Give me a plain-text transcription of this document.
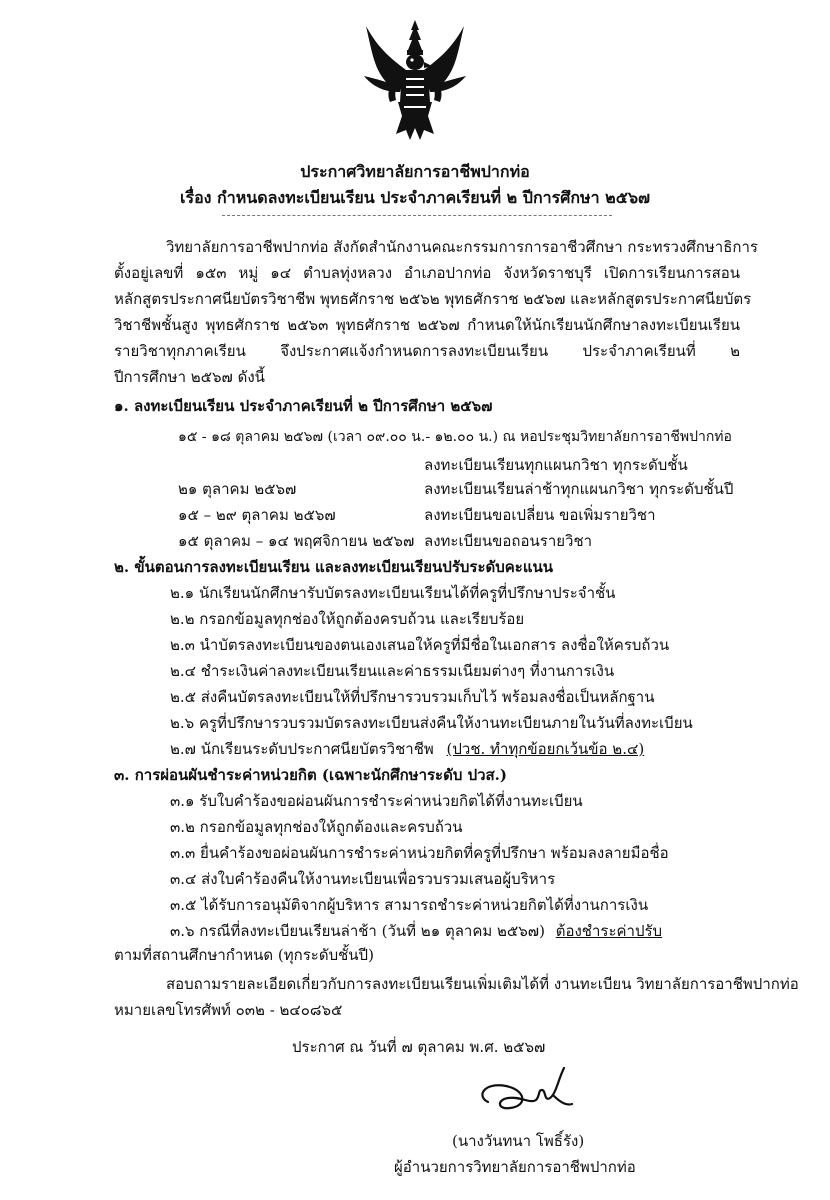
ประกาศวิทยาลัยการอาชีพปากท่อ
เรื่อง กำหนดลงทะเบียนเรียน ประจำภาคเรียนที่ ๒ ปีการศึกษา ๒๕๖๗
วิทยาลัยการอาชีพปากท่อ สังกัดสำนักงานคณะกรรมการการอาชีวศึกษา กระทรวงศึกษาธิการ
ตั้งอยู่เลขที่ ๑๕๓ หมู่ ๑๔ ตำบลทุ่งหลวง อำเภอปากท่อ จังหวัดราชบุรี เปิดการเรียนการสอน
หลักสูตรประกาศนียบัตรวิชาชีพ พุทธศักราช ๒๕๖๒ พุทธศักราช ๒๕๖๗ และหลักสูตรประกาศนียบัตร
วิชาชีพชั้นสูง พุทธศักราช ๒๕๖๓ พุทธศักราช ๒๕๖๗ กำหนดให้นักเรียนนักศึกษาลงทะเบียนเรียน
รายวิชาทุกภาคเรียน จึงประกาศแจ้งกำหนดการลงทะเบียนเรียน ประจำภาคเรียนที่ ๒
ปีการศึกษา ๒๕๖๗ ดังนี้
๑. ลงทะเบียนเรียน ประจำภาคเรียนที่ ๒ ปีการศึกษา ๒๕๖๗
๑๕ - ๑๘ ตุลาคม ๒๕๖๗ (เวลา ๐๙.๐๐ น.- ๑๒.๐๐ น.) ณ หอประชุมวิทยาลัยการอาชีพปากท่อ
ลงทะเบียนเรียนทุกแผนกวิชา ทุกระดับชั้น
๒๑ ตุลาคม ๒๕๖๗	ลงทะเบียนเรียนล่าช้าทุกแผนกวิชา ทุกระดับชั้นปี
๑๕ – ๒๙ ตุลาคม ๒๕๖๗	ลงทะเบียนขอเปลี่ยน ขอเพิ่มรายวิชา
๑๕ ตุลาคม – ๑๔ พฤศจิกายน ๒๕๖๗ ลงทะเบียนขอถอนรายวิชา
๒. ขั้นตอนการลงทะเบียนเรียน และลงทะเบียนเรียนปรับระดับคะแนน
๒.๑ นักเรียนนักศึกษารับบัตรลงทะเบียนเรียนได้ที่ครูที่ปรึกษาประจำชั้น
๒.๒ กรอกข้อมูลทุกช่องให้ถูกต้องครบถ้วน และเรียบร้อย
๒.๓ นำบัตรลงทะเบียนของตนเองเสนอให้ครูที่มีชื่อในเอกสาร ลงชื่อให้ครบถ้วน
๒.๔ ชำระเงินค่าลงทะเบียนเรียนและค่าธรรมเนียมต่างๆ ที่งานการเงิน
๒.๕ ส่งคืนบัตรลงทะเบียนให้ที่ปรึกษารวบรวมเก็บไว้ พร้อมลงชื่อเป็นหลักฐาน
๒.๖ ครูที่ปรึกษารวบรวมบัตรลงทะเบียนส่งคืนให้งานทะเบียนภายในวันที่ลงทะเบียน
๒.๗ นักเรียนระดับประกาศนียบัตรวิชาชีพ (ปวช. ทำทุกข้อยกเว้นข้อ ๒.๔)
๓. การผ่อนผันชำระค่าหน่วยกิต (เฉพาะนักศึกษาระดับ ปวส.)
๓.๑ รับใบคำร้องขอผ่อนผันการชำระค่าหน่วยกิตได้ที่งานทะเบียน
๓.๒ กรอกข้อมูลทุกช่องให้ถูกต้องและครบถ้วน
๓.๓ ยื่นคำร้องขอผ่อนผันการชำระค่าหน่วยกิตที่ครูที่ปรึกษา พร้อมลงลายมือชื่อ
๓.๔ ส่งใบคำร้องคืนให้งานทะเบียนเพื่อรวบรวมเสนอผู้บริหาร
๓.๕ ได้รับการอนุมัติจากผู้บริหาร สามารถชำระค่าหน่วยกิตได้ที่งานการเงิน
๓.๖ กรณีที่ลงทะเบียนเรียนล่าช้า (วันที่ ๒๑ ตุลาคม ๒๕๖๗) ต้องชำระค่าปรับ
ตามที่สถานศึกษากำหนด (ทุกระดับชั้นปี)
สอบถามรายละเอียดเกี่ยวกับการลงทะเบียนเรียนเพิ่มเติมได้ที่ งานทะเบียน วิทยาลัยการอาชีพปากท่อ
หมายเลขโทรศัพท์ ๐๓๒ - ๒๔๐๘๖๕
ประกาศ ณ วันที่ ๗ ตุลาคม พ.ศ. ๒๕๖๗
(นางวันทนา โพธิ์รัง)
ผู้อำนวยการวิทยาลัยการอาชีพปากท่อ
